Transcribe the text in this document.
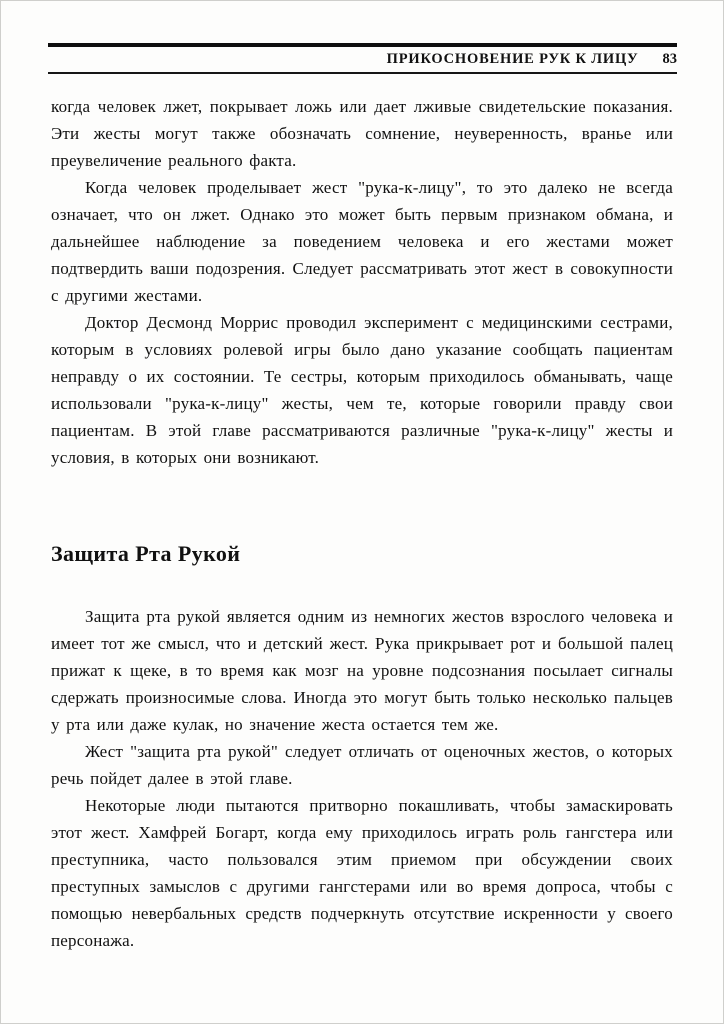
ПРИКОСНОВЕНИЕ РУК К ЛИЦУ 83

когда человек лжет, покрывает ложь или дает лживые свидетельские показания. Эти жесты могут также обозначать сомнение, неуверенность, вранье или преувеличение реального факта.

Когда человек проделывает жест "рука-к-лицу", то это далеко не всегда означает, что он лжет. Однако это может быть первым признаком обмана, и дальнейшее наблюдение за поведением человека и его жестами может подтвердить ваши подозрения. Следует рассматривать этот жест в совокупности с другими жестами.

Доктор Десмонд Моррис проводил эксперимент с медицинскими сестрами, которым в условиях ролевой игры было дано указание сообщать пациентам неправду о их состоянии. Те сестры, которым приходилось обманывать, чаще использовали "рука-к-лицу" жесты, чем те, которые говорили правду свои пациентам. В этой главе рассматриваются различные "рука-к-лицу" жесты и условия, в которых они возникают.

Защита Рта Рукой

Защита рта рукой является одним из немногих жестов взрослого человека и имеет тот же смысл, что и детский жест. Рука прикрывает рот и большой палец прижат к щеке, в то время как мозг на уровне подсознания посылает сигналы сдержать произносимые слова. Иногда это могут быть только несколько пальцев у рта или даже кулак, но значение жеста остается тем же.

Жест "защита рта рукой" следует отличать от оценочных жестов, о которых речь пойдет далее в этой главе.

Некоторые люди пытаются притворно покашливать, чтобы замаскировать этот жест. Хамфрей Богарт, когда ему приходилось играть роль гангстера или преступника, часто пользовался этим приемом при обсуждении своих преступных замыслов с другими гангстерами или во время допроса, чтобы с помощью невербальных средств подчеркнуть отсутствие искренности у своего персонажа.
